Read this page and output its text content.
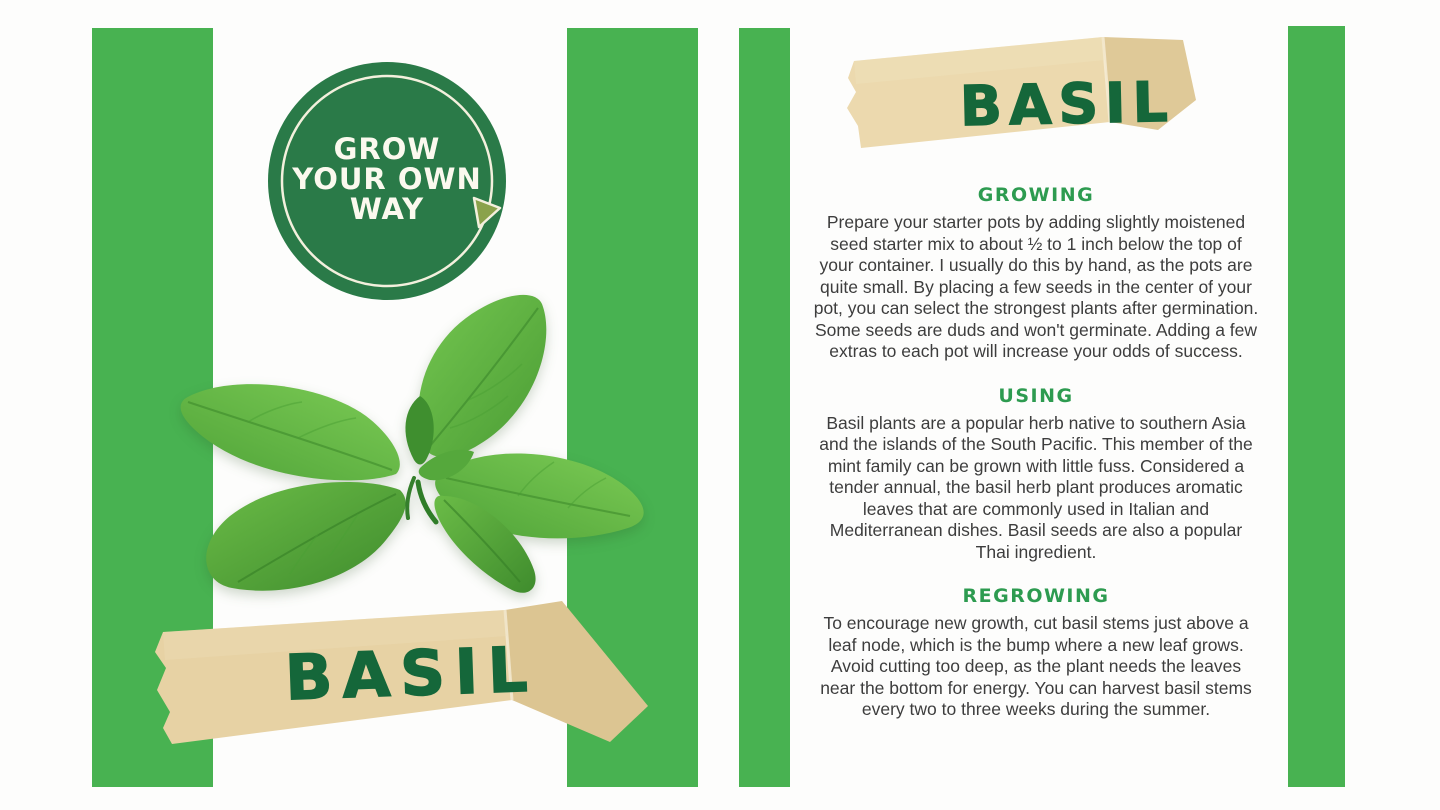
GROW
YOUR OWN
WAY
BASIL
BASIL
GROWING

Prepare your starter pots by adding slightly moistened seed starter mix to about ½ to 1 inch below the top of your container. I usually do this by hand, as the pots are quite small. By placing a few seeds in the center of your pot, you can select the strongest plants after germination. Some seeds are duds and won't germinate. Adding a few extras to each pot will increase your odds of success.

USING

Basil plants are a popular herb native to southern Asia and the islands of the South Pacific. This member of the mint family can be grown with little fuss. Considered a tender annual, the basil herb plant produces aromatic leaves that are commonly used in Italian and Mediterranean dishes. Basil seeds are also a popular Thai ingredient.

REGROWING

To encourage new growth, cut basil stems just above a leaf node, which is the bump where a new leaf grows. Avoid cutting too deep, as the plant needs the leaves near the bottom for energy. You can harvest basil stems every two to three weeks during the summer.
